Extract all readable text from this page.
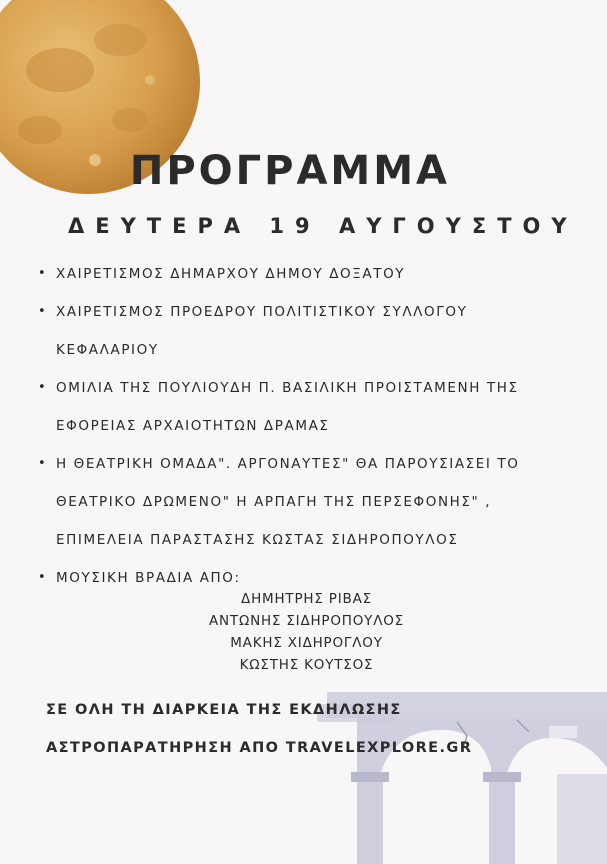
ΠΡΟΓΡΑΜΜΑ
ΔΕΥΤΕΡΑ 19 ΑΥΓΟΥΣΤΟΥ
• ΧΑΙΡΕΤΙΣΜΟΣ ΔΗΜΑΡΧΟΥ ΔΗΜΟΥ ΔΟΞΑΤΟΥ
• ΧΑΙΡΕΤΙΣΜΟΣ ΠΡΟΕΔΡΟΥ ΠΟΛΙΤΙΣΤΙΚΟΥ ΣΥΛΛΟΓΟΥ
ΚΕΦΑΛΑΡΙΟΥ
• ΟΜΙΛΙΑ ΤΗΣ ΠΟΥΛΙΟΥΔΗ Π. ΒΑΣΙΛΙΚΗ ΠΡΟΙΣΤΑΜΕΝΗ ΤΗΣ
ΕΦΟΡΕΙΑΣ ΑΡΧΑΙΟΤΗΤΩΝ ΔΡΑΜΑΣ
• Η ΘΕΑΤΡΙΚΗ ΟΜΑΔΑ". ΑΡΓΟΝΑΥΤΕΣ" ΘΑ ΠΑΡΟΥΣΙΑΣΕΙ ΤΟ
ΘΕΑΤΡΙΚΟ ΔΡΩΜΕΝΟ" Η ΑΡΠΑΓΗ ΤΗΣ ΠΕΡΣΕΦΟΝΗΣ" ,
ΕΠΙΜΕΛΕΙΑ ΠΑΡΑΣΤΑΣΗΣ ΚΩΣΤΑΣ ΣΙΔΗΡΟΠΟΥΛΟΣ
• ΜΟΥΣΙΚΗ ΒΡΑΔΙΑ ΑΠΟ:
ΔΗΜΗΤΡΗΣ ΡΙΒΑΣ
ΑΝΤΩΝΗΣ ΣΙΔΗΡΟΠΟΥΛΟΣ
ΜΑΚΗΣ ΧΙΔΗΡΟΓΛΟΥ
ΚΩΣΤΗΣ ΚΟΥΤΣΟΣ
ΣΕ ΟΛΗ ΤΗ ΔΙΑΡΚΕΙΑ ΤΗΣ ΕΚΔΗΛΩΣΗΣ
ΑΣΤΡΟΠΑΡΑΤΗΡΗΣΗ ΑΠΟ TRAVELEXPLORE.GR
